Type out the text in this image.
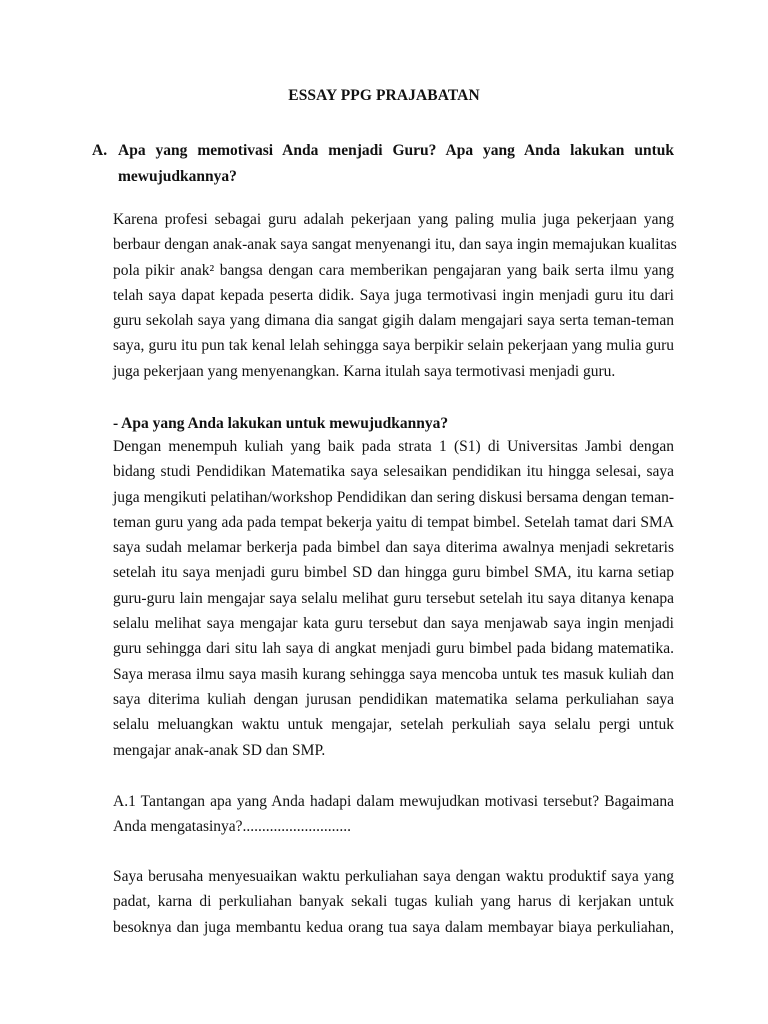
ESSAY PPG PRAJABATAN
A. Apa yang memotivasi Anda menjadi Guru? Apa yang Anda lakukan untuk
mewujudkannya?
Karena profesi sebagai guru adalah pekerjaan yang paling mulia juga pekerjaan yang
berbaur dengan anak-anak saya sangat menyenangi itu, dan saya ingin memajukan kualitas
pola pikir anak² bangsa dengan cara memberikan pengajaran yang baik serta ilmu yang
telah saya dapat kepada peserta didik. Saya juga termotivasi ingin menjadi guru itu dari
guru sekolah saya yang dimana dia sangat gigih dalam mengajari saya serta teman-teman
saya, guru itu pun tak kenal lelah sehingga saya berpikir selain pekerjaan yang mulia guru
juga pekerjaan yang menyenangkan. Karna itulah saya termotivasi menjadi guru.
- Apa yang Anda lakukan untuk mewujudkannya?
Dengan menempuh kuliah yang baik pada strata 1 (S1) di Universitas Jambi dengan
bidang studi Pendidikan Matematika saya selesaikan pendidikan itu hingga selesai, saya
juga mengikuti pelatihan/workshop Pendidikan dan sering diskusi bersama dengan teman-
teman guru yang ada pada tempat bekerja yaitu di tempat bimbel. Setelah tamat dari SMA
saya sudah melamar berkerja pada bimbel dan saya diterima awalnya menjadi sekretaris
setelah itu saya menjadi guru bimbel SD dan hingga guru bimbel SMA, itu karna setiap
guru-guru lain mengajar saya selalu melihat guru tersebut setelah itu saya ditanya kenapa
selalu melihat saya mengajar kata guru tersebut dan saya menjawab saya ingin menjadi
guru sehingga dari situ lah saya di angkat menjadi guru bimbel pada bidang matematika.
Saya merasa ilmu saya masih kurang sehingga saya mencoba untuk tes masuk kuliah dan
saya diterima kuliah dengan jurusan pendidikan matematika selama perkuliahan saya
selalu meluangkan waktu untuk mengajar, setelah perkuliah saya selalu pergi untuk
mengajar anak-anak SD dan SMP.
A.1 Tantangan apa yang Anda hadapi dalam mewujudkan motivasi tersebut? Bagaimana
Anda mengatasinya?............................
Saya berusaha menyesuaikan waktu perkuliahan saya dengan waktu produktif saya yang
padat, karna di perkuliahan banyak sekali tugas kuliah yang harus di kerjakan untuk
besoknya dan juga membantu kedua orang tua saya dalam membayar biaya perkuliahan,
